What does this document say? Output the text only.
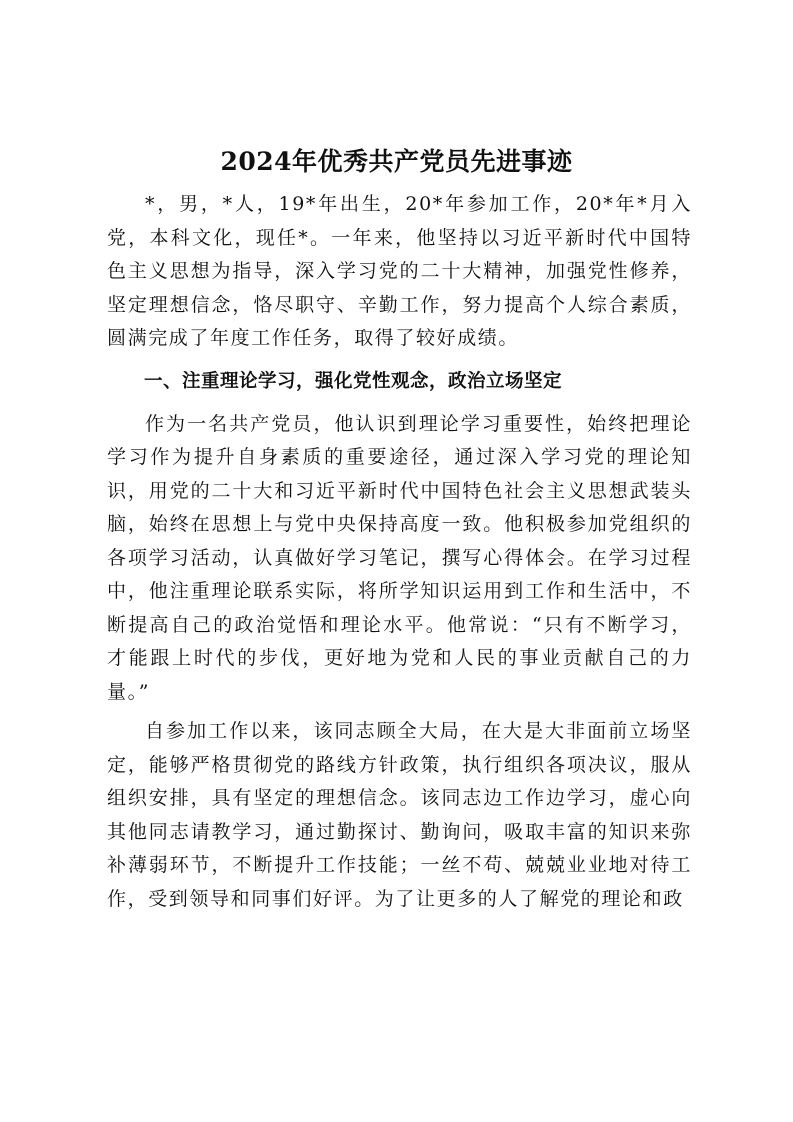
2024年优秀共产党员先进事迹

*，男，*人，19*年出生，20*年参加工作，20*年*月入党，本科文化，现任*。一年来，他坚持以习近平新时代中国特色主义思想为指导，深入学习党的二十大精神，加强党性修养，坚定理想信念，恪尽职守、辛勤工作，努力提高个人综合素质，圆满完成了年度工作任务，取得了较好成绩。

一、注重理论学习，强化党性观念，政治立场坚定

作为一名共产党员，他认识到理论学习重要性，始终把理论学习作为提升自身素质的重要途径，通过深入学习党的理论知识，用党的二十大和习近平新时代中国特色社会主义思想武装头脑，始终在思想上与党中央保持高度一致。他积极参加党组织的各项学习活动，认真做好学习笔记，撰写心得体会。在学习过程中，他注重理论联系实际，将所学知识运用到工作和生活中，不断提高自己的政治觉悟和理论水平。他常说：“只有不断学习，才能跟上时代的步伐，更好地为党和人民的事业贡献自己的力量。”

自参加工作以来，该同志顾全大局，在大是大非面前立场坚定，能够严格贯彻党的路线方针政策，执行组织各项决议，服从组织安排，具有坚定的理想信念。该同志边工作边学习，虚心向其他同志请教学习，通过勤探讨、勤询问，吸取丰富的知识来弥补薄弱环节，不断提升工作技能；一丝不苟、兢兢业业地对待工作，受到领导和同事们好评。为了让更多的人了解党的理论和政
